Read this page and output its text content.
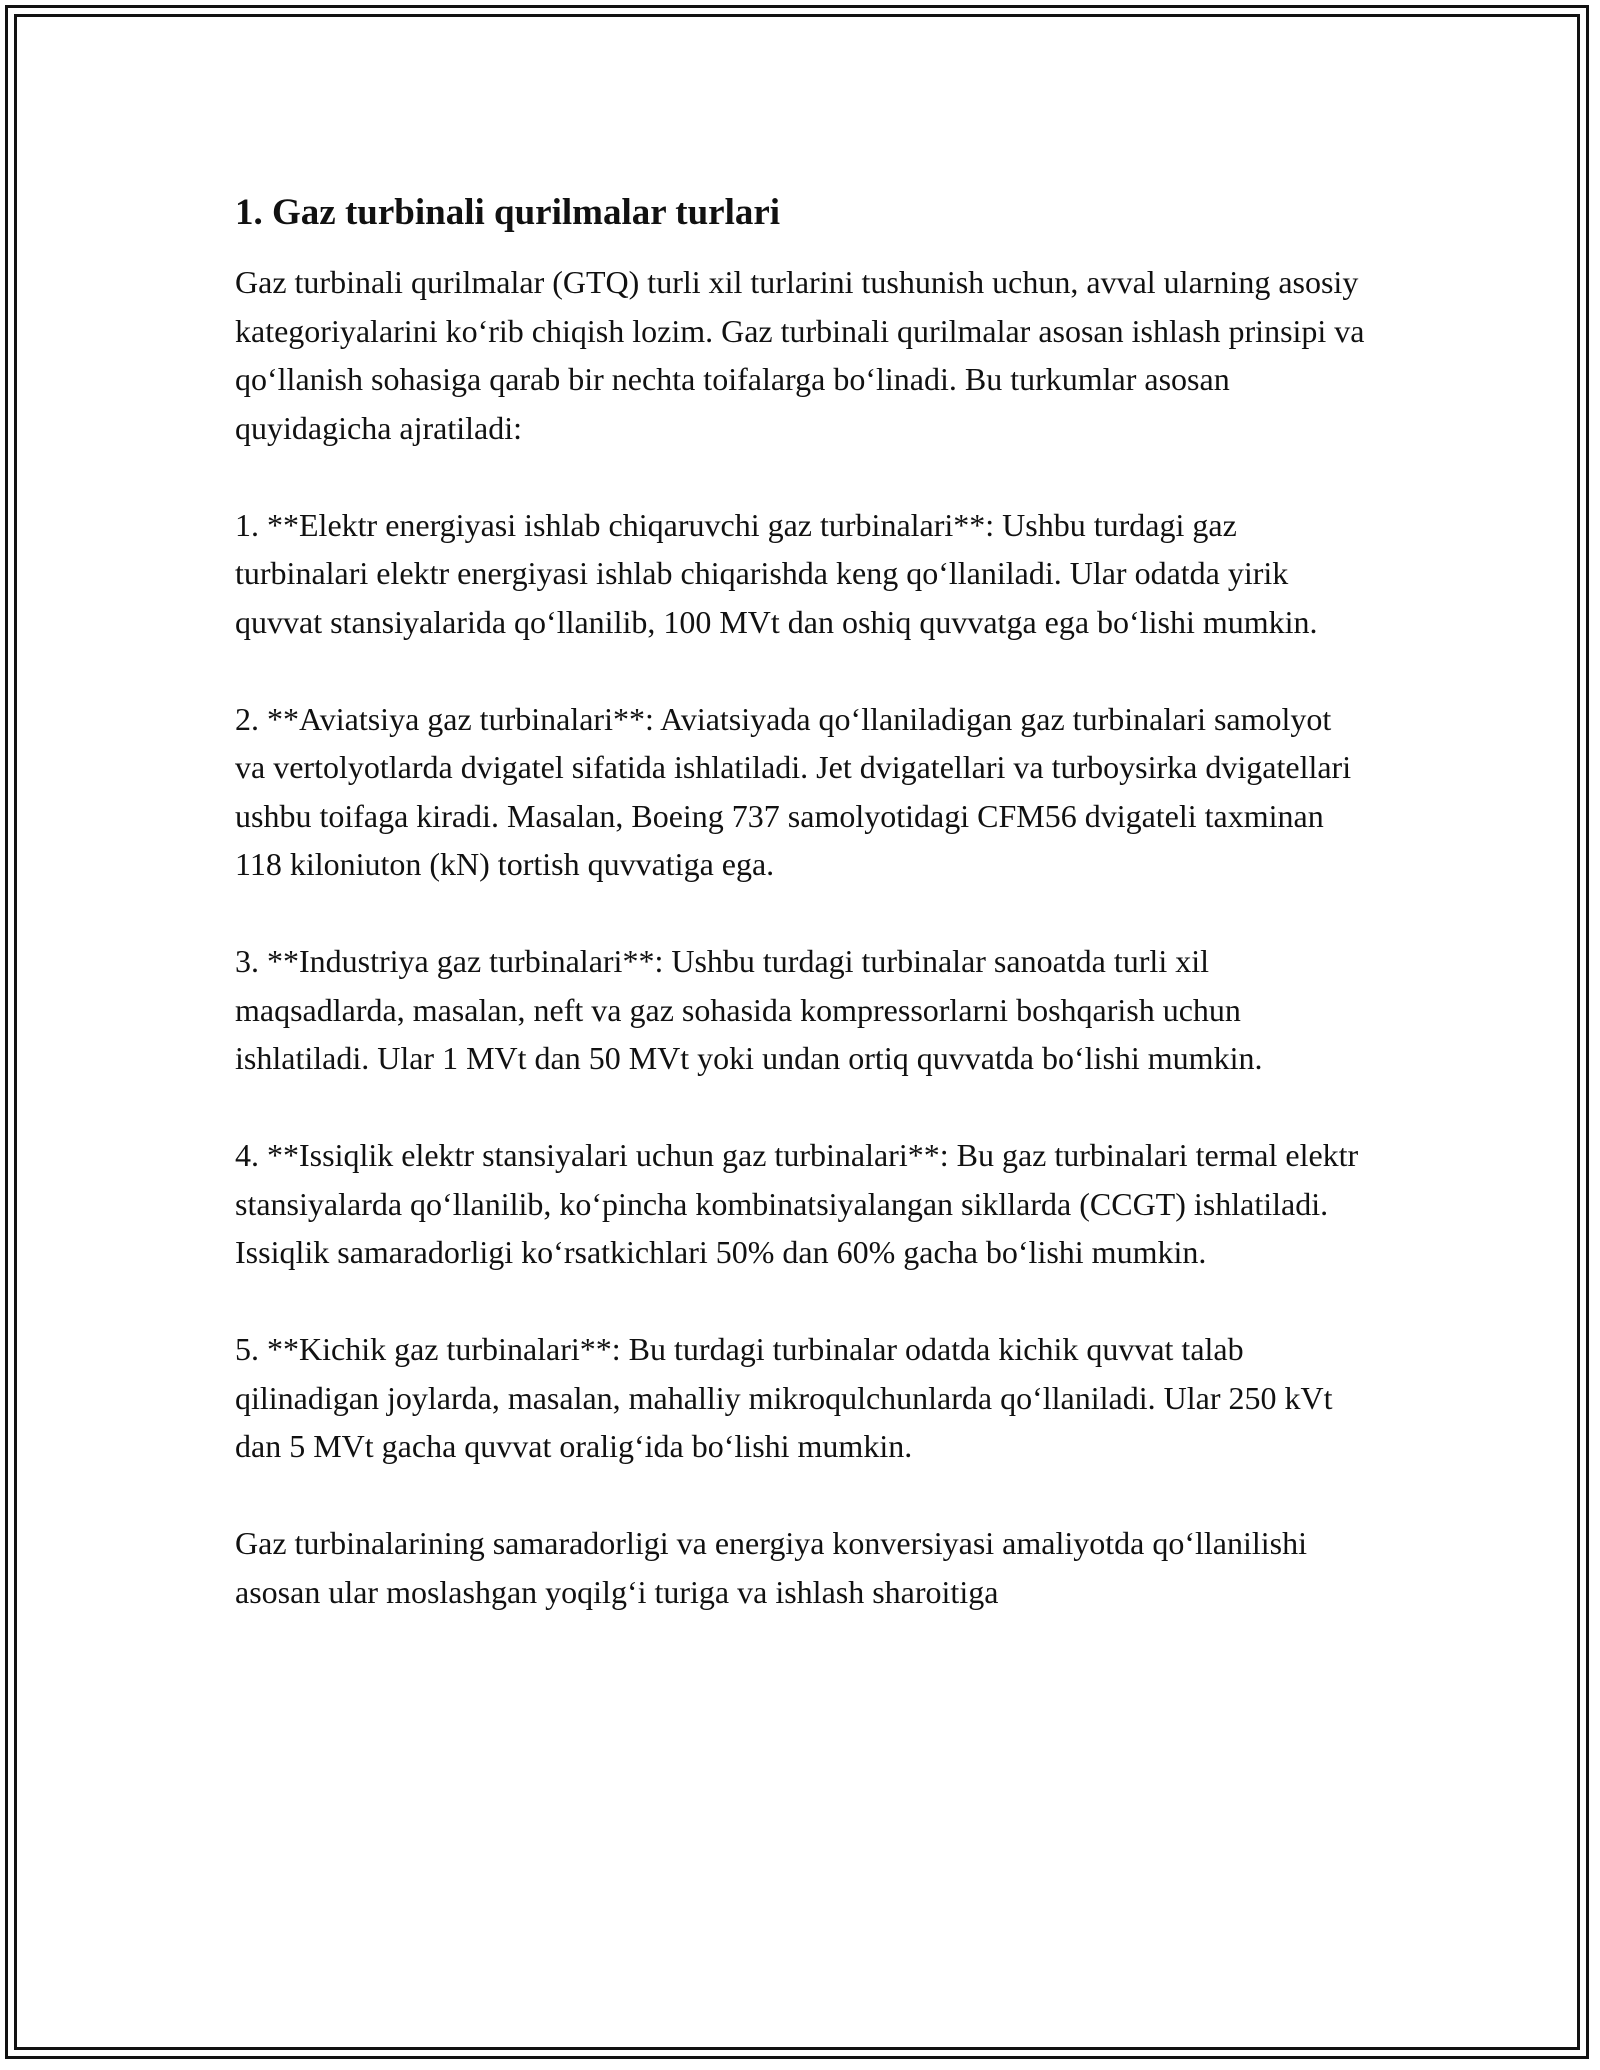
1. Gaz turbinali qurilmalar turlari

Gaz turbinali qurilmalar (GTQ) turli xil turlarini tushunish uchun, avval ularning asosiy kategoriyalarini ko‘rib chiqish lozim. Gaz turbinali qurilmalar asosan ishlash prinsipi va qo‘llanish sohasiga qarab bir nechta toifalarga bo‘linadi. Bu turkumlar asosan quyidagicha ajratiladi:

1. **Elektr energiyasi ishlab chiqaruvchi gaz turbinalari**: Ushbu turdagi gaz turbinalari elektr energiyasi ishlab chiqarishda keng qo‘llaniladi. Ular odatda yirik quvvat stansiyalarida qo‘llanilib, 100 MVt dan oshiq quvvatga ega bo‘lishi mumkin.

2. **Aviatsiya gaz turbinalari**: Aviatsiyada qo‘llaniladigan gaz turbinalari samolyot va vertolyotlarda dvigatel sifatida ishlatiladi. Jet dvigatellari va turboysirka dvigatellari ushbu toifaga kiradi. Masalan, Boeing 737 samolyotidagi CFM56 dvigateli taxminan 118 kiloniuton (kN) tortish quvvatiga ega.

3. **Industriya gaz turbinalari**: Ushbu turdagi turbinalar sanoatda turli xil maqsadlarda, masalan, neft va gaz sohasida kompressorlarni boshqarish uchun ishlatiladi. Ular 1 MVt dan 50 MVt yoki undan ortiq quvvatda bo‘lishi mumkin.

4. **Issiqlik elektr stansiyalari uchun gaz turbinalari**: Bu gaz turbinalari termal elektr stansiyalarda qo‘llanilib, ko‘pincha kombinatsiyalangan sikllarda (CCGT) ishlatiladi. Issiqlik samaradorligi ko‘rsatkichlari 50% dan 60% gacha bo‘lishi mumkin.

5. **Kichik gaz turbinalari**: Bu turdagi turbinalar odatda kichik quvvat talab qilinadigan joylarda, masalan, mahalliy mikroqulchunlarda qo‘llaniladi. Ular 250 kVt dan 5 MVt gacha quvvat oralig‘ida bo‘lishi mumkin.

Gaz turbinalarining samaradorligi va energiya konversiyasi amaliyotda qo‘llanilishi asosan ular moslashgan yoqilg‘i turiga va ishlash sharoitiga
